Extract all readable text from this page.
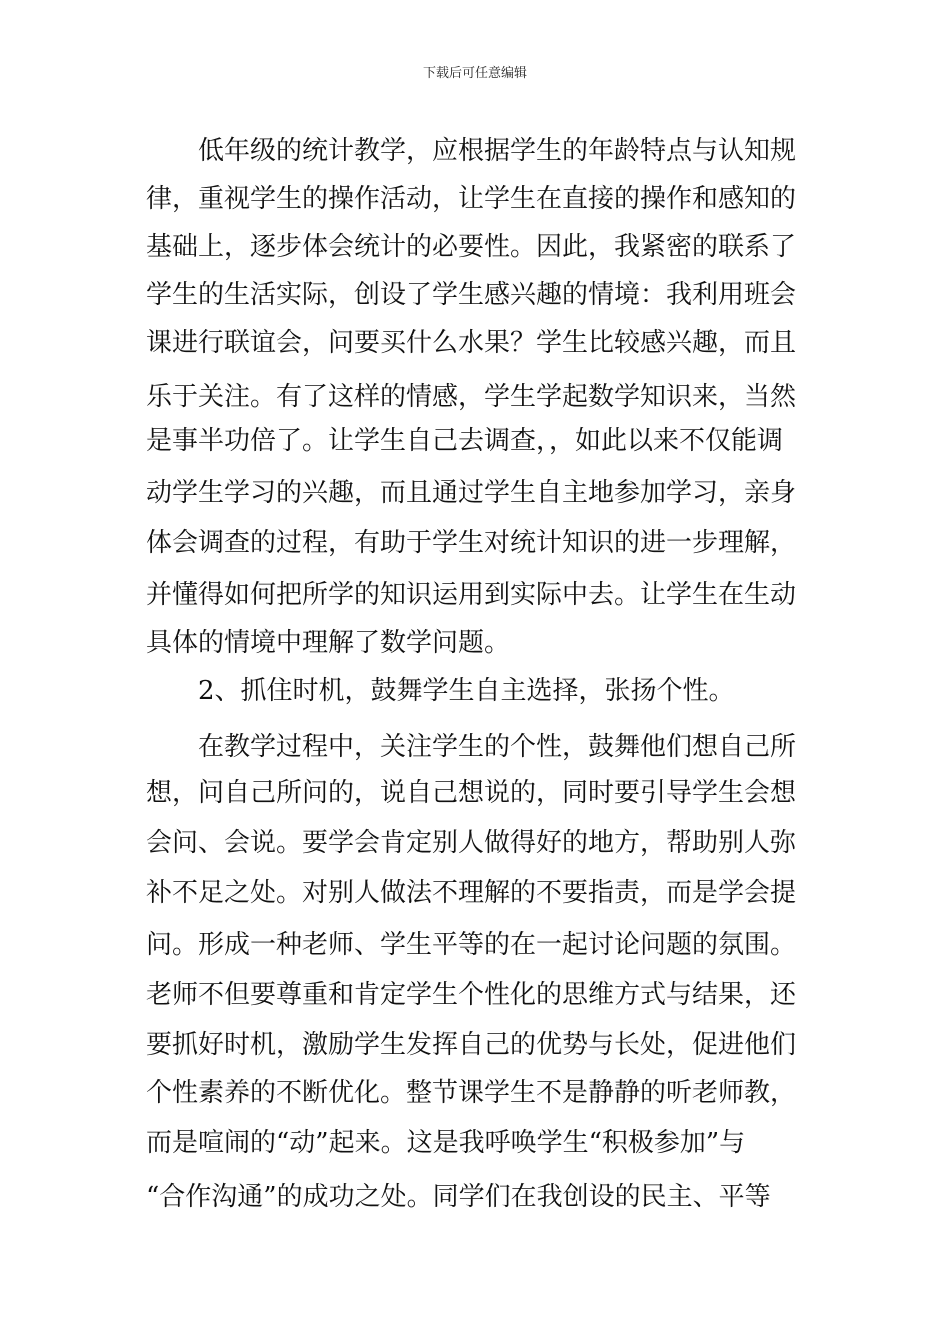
下载后可任意编辑
　　低年级的统计教学，应根据学生的年龄特点与认知规
律，重视学生的操作活动，让学生在直接的操作和感知的
基础上，逐步体会统计的必要性。因此，我紧密的联系了
学生的生活实际，创设了学生感兴趣的情境：我利用班会
课进行联谊会，问要买什么水果？学生比较感兴趣，而且
乐于关注。有了这样的情感，学生学起数学知识来，当然
是事半功倍了。让学生自己去调查，，如此以来不仅能调
动学生学习的兴趣，而且通过学生自主地参加学习，亲身
体会调查的过程，有助于学生对统计知识的进一步理解，
并懂得如何把所学的知识运用到实际中去。让学生在生动
具体的情境中理解了数学问题。
　　2、抓住时机，鼓舞学生自主选择，张扬个性。
　　在教学过程中，关注学生的个性，鼓舞他们想自己所
想，问自己所问的，说自己想说的，同时要引导学生会想
会问、会说。要学会肯定别人做得好的地方，帮助别人弥
补不足之处。对别人做法不理解的不要指责，而是学会提
问。形成一种老师、学生平等的在一起讨论问题的氛围。
老师不但要尊重和肯定学生个性化的思维方式与结果，还
要抓好时机，激励学生发挥自己的优势与长处，促进他们
个性素养的不断优化。整节课学生不是静静的听老师教，
而是喧闹的“动”起来。这是我呼唤学生“积极参加”与
“合作沟通”的成功之处。同学们在我创设的民主、平等
